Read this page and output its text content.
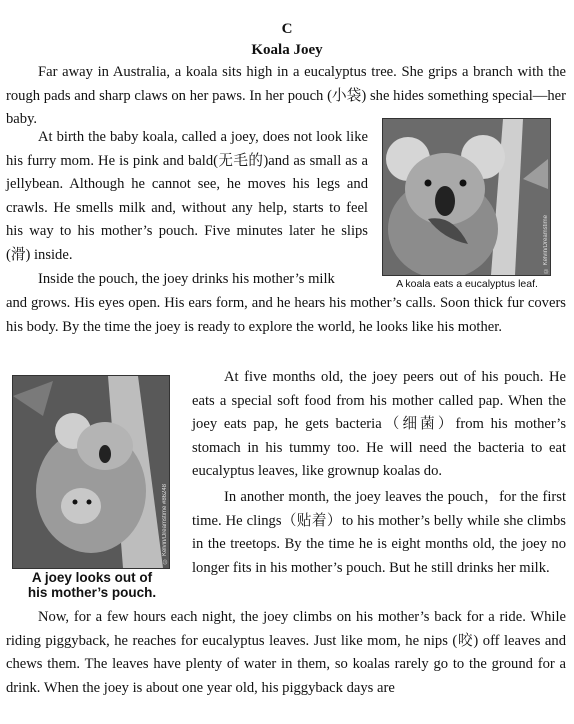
C
Koala Joey

Far away in Australia, a koala sits high in a eucalyptus tree. She grips a branch with the rough pads and sharp claws on her paws. In her pouch (小袋) she hides something special—her baby.

At birth the baby koala, called a joey, does not look like his furry mom. He is pink and bald(无毛的)and as small as a jellybean. Although he cannot see, he moves his legs and crawls. He smells milk and, without any help, starts to feel his way to his mother’s pouch. Five minutes later he slips (滑) inside.

Inside the pouch, the joey drinks his mother’s milk

and grows. His eyes open. His ears form, and he hears his mother’s calls. Soon thick fur covers his body. By the time the joey is ready to explore the world, he looks like his mother.

© Kelvin/Dreamstime
A koala eats a eucalyptus leaf.
© Kelvin/Dreamstime #86248
A joey looks out of
his mother’s pouch.

At five months old, the joey peers out of his pouch. He eats a special soft food from his mother called pap. When the joey eats pap, he gets bacteria（细菌）from his mother’s stomach in his tummy too. He will need the bacteria to eat eucalyptus leaves, like grownup koalas do.

In another month, the joey leaves the pouch，for the first time. He clings（贴着）to his mother’s belly while she climbs in the treetops. By the time he is eight months old, the joey no longer fits in his mother’s pouch. But he still drinks her milk.

Now, for a few hours each night, the joey climbs on his mother’s back for a ride. While riding piggyback, he reaches for eucalyptus leaves. Just like mom, he nips (咬) off leaves and chews them. The leaves have plenty of water in them, so koalas rarely go to the ground for a drink. When the joey is about one year old, his piggyback days are
